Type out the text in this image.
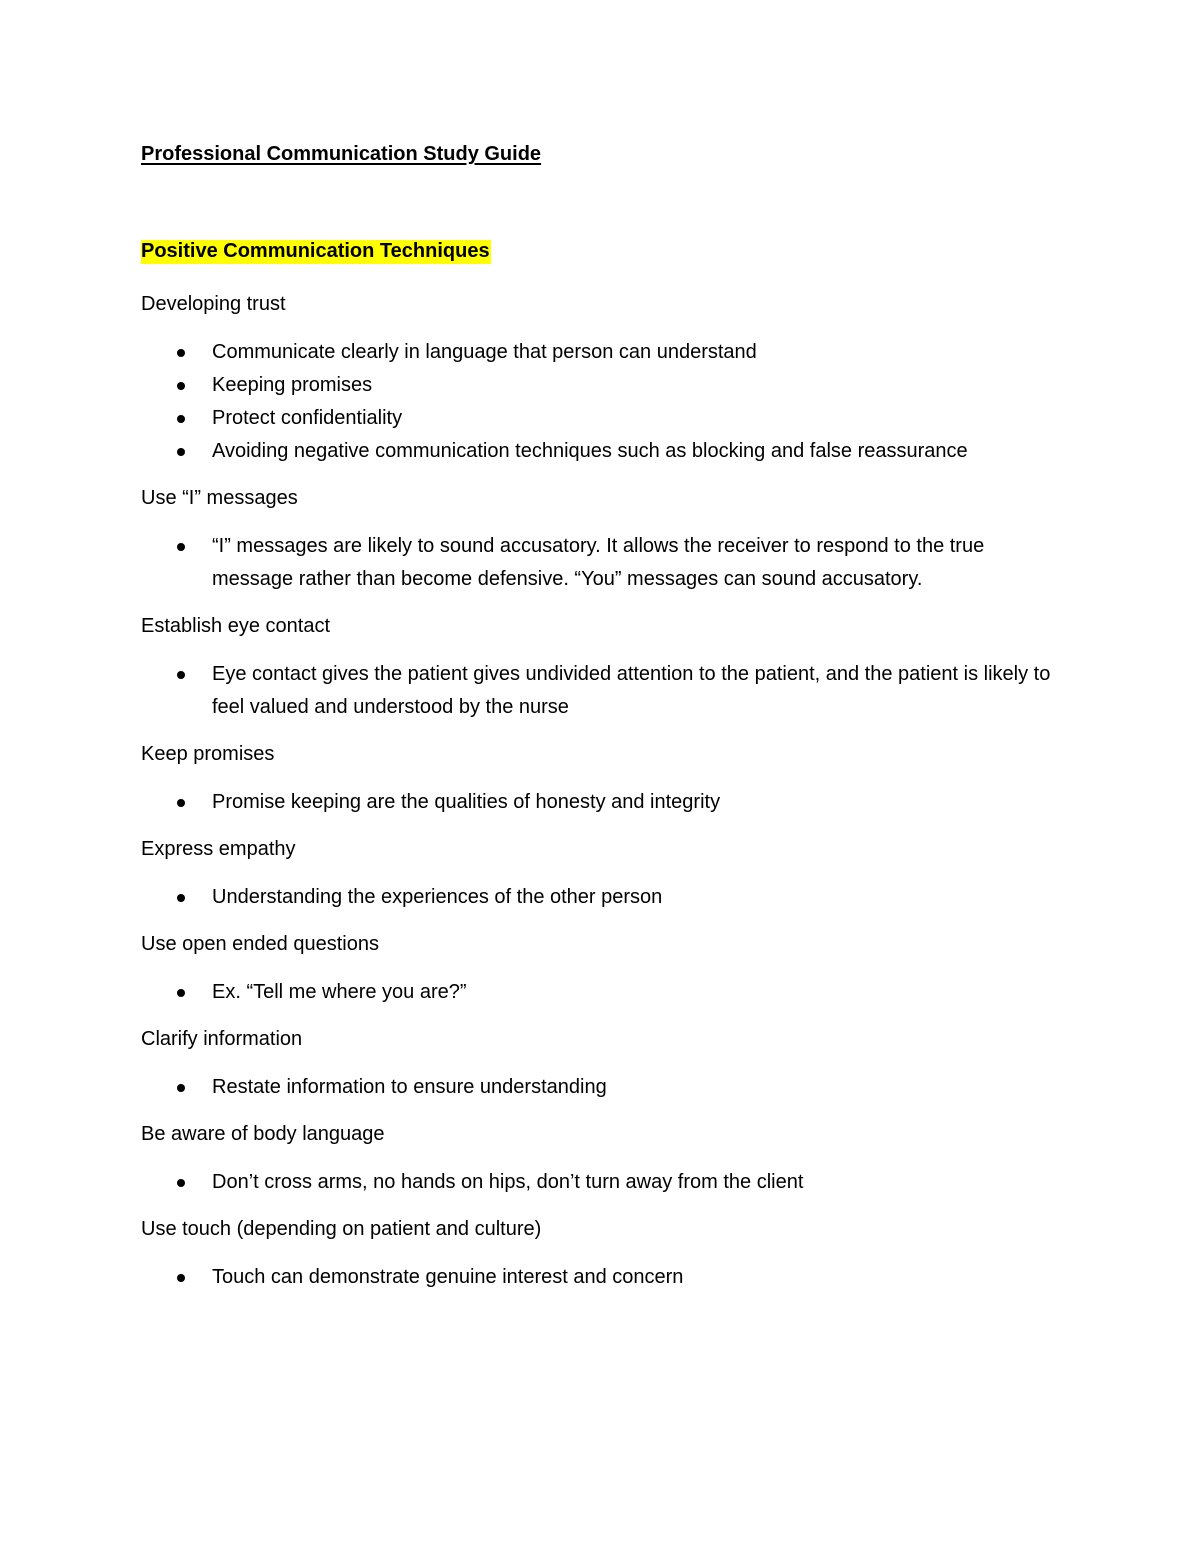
Professional Communication Study Guide
Positive Communication Techniques

Developing trust

Communicate clearly in language that person can understand
Keeping promises
Protect confidentiality
Avoiding negative communication techniques such as blocking and false reassurance

Use “I” messages

“I” messages are likely to sound accusatory. It allows the receiver to respond to the true message rather than become defensive. “You” messages can sound accusatory.

Establish eye contact

Eye contact gives the patient gives undivided attention to the patient, and the patient is likely to feel valued and understood by the nurse

Keep promises

Promise keeping are the qualities of honesty and integrity

Express empathy

Understanding the experiences of the other person

Use open ended questions

Ex. “Tell me where you are?”

Clarify information

Restate information to ensure understanding

Be aware of body language

Don’t cross arms, no hands on hips, don’t turn away from the client

Use touch (depending on patient and culture)

Touch can demonstrate genuine interest and concern
